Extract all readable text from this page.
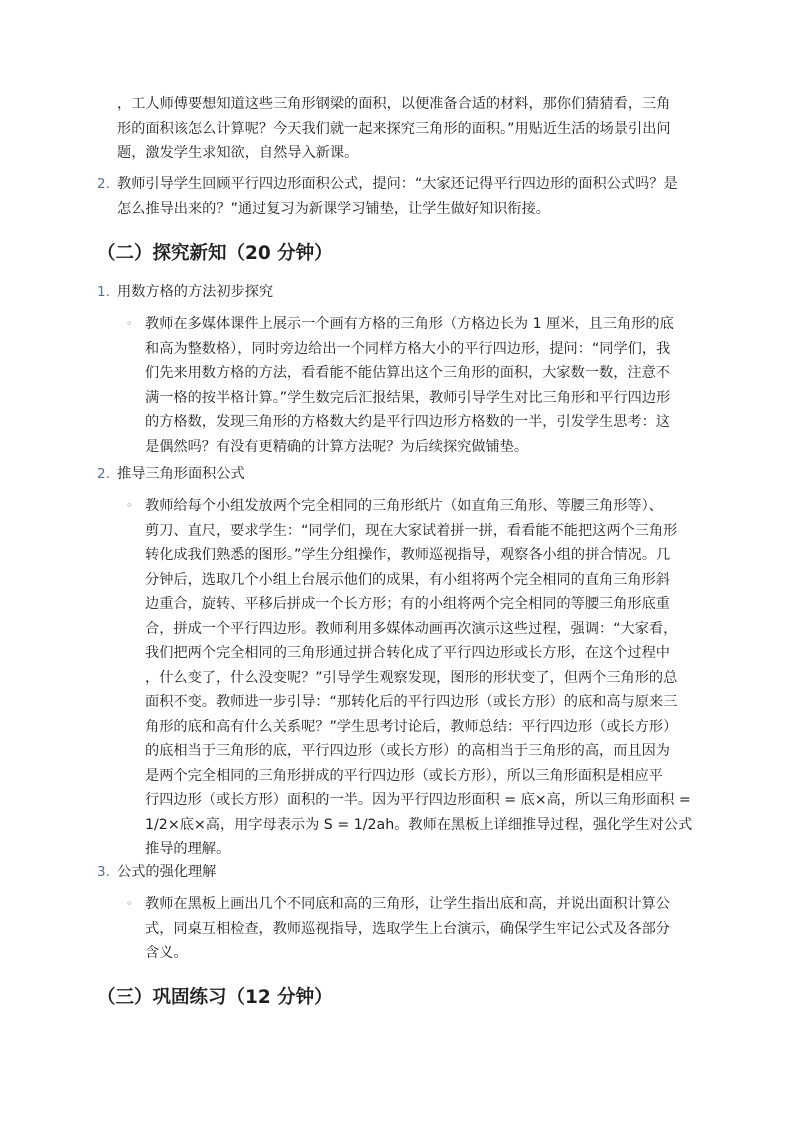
，工人师傅要想知道这些三角形钢梁的面积，以便准备合适的材料，那你们猜猜看，三角
形的面积该怎么计算呢？今天我们就一起来探究三角形的面积。”用贴近生活的场景引出问
题，激发学生求知欲，自然导入新课。
2. 教师引导学生回顾平行四边形面积公式，提问：“大家还记得平行四边形的面积公式吗？是
怎么推导出来的？”通过复习为新课学习铺垫，让学生做好知识衔接。
（二）探究新知（20 分钟）
1. 用数方格的方法初步探究
◦ 教师在多媒体课件上展示一个画有方格的三角形（方格边长为 1 厘米，且三角形的底
和高为整数格），同时旁边给出一个同样方格大小的平行四边形，提问：“同学们，我
们先来用数方格的方法，看看能不能估算出这个三角形的面积，大家数一数，注意不
满一格的按半格计算。”学生数完后汇报结果，教师引导学生对比三角形和平行四边形
的方格数，发现三角形的方格数大约是平行四边形方格数的一半，引发学生思考：这
是偶然吗？有没有更精确的计算方法呢？为后续探究做铺垫。
2. 推导三角形面积公式
◦ 教师给每个小组发放两个完全相同的三角形纸片（如直角三角形、等腰三角形等）、
剪刀、直尺，要求学生：“同学们，现在大家试着拼一拼，看看能不能把这两个三角形
转化成我们熟悉的图形。”学生分组操作，教师巡视指导，观察各小组的拼合情况。几
分钟后，选取几个小组上台展示他们的成果，有小组将两个完全相同的直角三角形斜
边重合，旋转、平移后拼成一个长方形；有的小组将两个完全相同的等腰三角形底重
合，拼成一个平行四边形。教师利用多媒体动画再次演示这些过程，强调：“大家看，
我们把两个完全相同的三角形通过拼合转化成了平行四边形或长方形，在这个过程中
，什么变了，什么没变呢？”引导学生观察发现，图形的形状变了，但两个三角形的总
面积不变。教师进一步引导：“那转化后的平行四边形（或长方形）的底和高与原来三
角形的底和高有什么关系呢？”学生思考讨论后，教师总结：平行四边形（或长方形）
的底相当于三角形的底，平行四边形（或长方形）的高相当于三角形的高，而且因为
是两个完全相同的三角形拼成的平行四边形（或长方形），所以三角形面积是相应平
行四边形（或长方形）面积的一半。因为平行四边形面积 = 底×高，所以三角形面积 =
1/2×底×高，用字母表示为 S = 1/2ah。教师在黑板上详细推导过程，强化学生对公式
推导的理解。
3. 公式的强化理解
◦ 教师在黑板上画出几个不同底和高的三角形，让学生指出底和高，并说出面积计算公
式，同桌互相检查，教师巡视指导，选取学生上台演示，确保学生牢记公式及各部分
含义。
（三）巩固练习（12 分钟）
